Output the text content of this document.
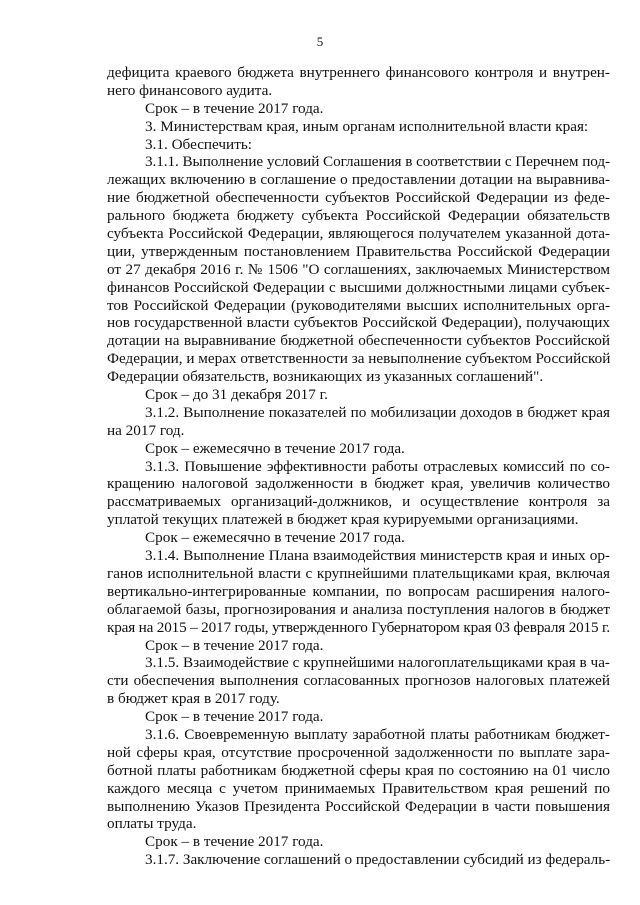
5
дефицита краевого бюджета внутреннего финансового контроля и внутрен-
него финансового аудита.
Срок – в течение 2017 года.
3. Министерствам края, иным органам исполнительной власти края:
3.1. Обеспечить:
3.1.1. Выполнение условий Соглашения в соответствии с Перечнем под-
лежащих включению в соглашение о предоставлении дотации на выравнива-
ние бюджетной обеспеченности субъектов Российской Федерации из феде-
рального бюджета бюджету субъекта Российской Федерации обязательств
субъекта Российской Федерации, являющегося получателем указанной дота-
ции, утвержденным постановлением Правительства Российской Федерации
от 27 декабря 2016 г. № 1506 "О соглашениях, заключаемых Министерством
финансов Российской Федерации с высшими должностными лицами субъек-
тов Российской Федерации (руководителями высших исполнительных орга-
нов государственной власти субъектов Российской Федерации), получающих
дотации на выравнивание бюджетной обеспеченности субъектов Российской
Федерации, и мерах ответственности за невыполнение субъектом Российской
Федерации обязательств, возникающих из указанных соглашений".
Срок – до 31 декабря 2017 г.
3.1.2. Выполнение показателей по мобилизации доходов в бюджет края
на 2017 год.
Срок – ежемесячно в течение 2017 года.
3.1.3. Повышение эффективности работы отраслевых комиссий по со-
кращению налоговой задолженности в бюджет края, увеличив количество
рассматриваемых организаций-должников, и осуществление контроля за
уплатой текущих платежей в бюджет края курируемыми организациями.
Срок – ежемесячно в течение 2017 года.
3.1.4. Выполнение Плана взаимодействия министерств края и иных ор-
ганов исполнительной власти с крупнейшими плательщиками края, включая
вертикально-интегрированные компании, по вопросам расширения налого-
облагаемой базы, прогнозирования и анализа поступления налогов в бюджет
края на 2015 – 2017 годы, утвержденного Губернатором края 03 февраля 2015 г.
Срок – в течение 2017 года.
3.1.5. Взаимодействие с крупнейшими налогоплательщиками края в ча-
сти обеспечения выполнения согласованных прогнозов налоговых платежей
в бюджет края в 2017 году.
Срок – в течение 2017 года.
3.1.6. Своевременную выплату заработной платы работникам бюджет-
ной сферы края, отсутствие просроченной задолженности по выплате зара-
ботной платы работникам бюджетной сферы края по состоянию на 01 число
каждого месяца с учетом принимаемых Правительством края решений по
выполнению Указов Президента Российской Федерации в части повышения
оплаты труда.
Срок – в течение 2017 года.
3.1.7. Заключение соглашений о предоставлении субсидий из федераль-
